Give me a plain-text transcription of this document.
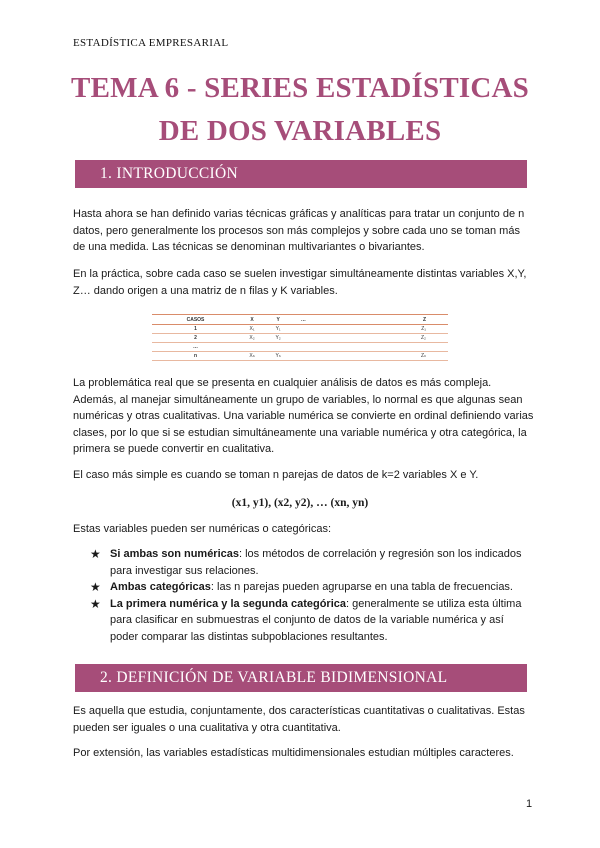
ESTADÍSTICA EMPRESARIAL
TEMA 6 - SERIES ESTADÍSTICAS
DE DOS VARIABLES
1. INTRODUCCIÓN
Hasta ahora se han definido varias técnicas gráficas y analíticas para tratar un conjunto de n datos, pero generalmente los procesos son más complejos y sobre cada uno se toman más de una medida. Las técnicas se denominan multivariantes o bivariantes.
En la práctica, sobre cada caso se suelen investigar simultáneamente distintas variables X,Y, Z… dando origen a una matriz de n filas y K variables.
CASOS	X	Y	…	Z
1	X₁	Y₁		Z₁
2	X₂	Y₂		Z₂
…				
n	Xₙ	Yₙ		Zₙ
La problemática real que se presenta en cualquier análisis de datos es más compleja. Además, al manejar simultáneamente un grupo de variables, lo normal es que algunas sean numéricas y otras cualitativas. Una variable numérica se convierte en ordinal definiendo varias clases, por lo que si se estudian simultáneamente una variable numérica y otra categórica, la primera se puede convertir en cualitativa.
El caso más simple es cuando se toman n parejas de datos de k=2 variables X e Y.
(x1, y1), (x2, y2), … (xn, yn)
Estas variables pueden ser numéricas o categóricas:
★ Si ambas son numéricas: los métodos de correlación y regresión son los indicados para investigar sus relaciones.
★ Ambas categóricas: las n parejas pueden agruparse en una tabla de frecuencias.
★ La primera numérica y la segunda categórica: generalmente se utiliza esta última para clasificar en submuestras el conjunto de datos de la variable numérica y así poder comparar las distintas subpoblaciones resultantes.
2. DEFINICIÓN DE VARIABLE BIDIMENSIONAL
Es aquella que estudia, conjuntamente, dos características cuantitativas o cualitativas. Estas pueden ser iguales o una cualitativa y otra cuantitativa.
Por extensión, las variables estadísticas multidimensionales estudian múltiples caracteres.
1
